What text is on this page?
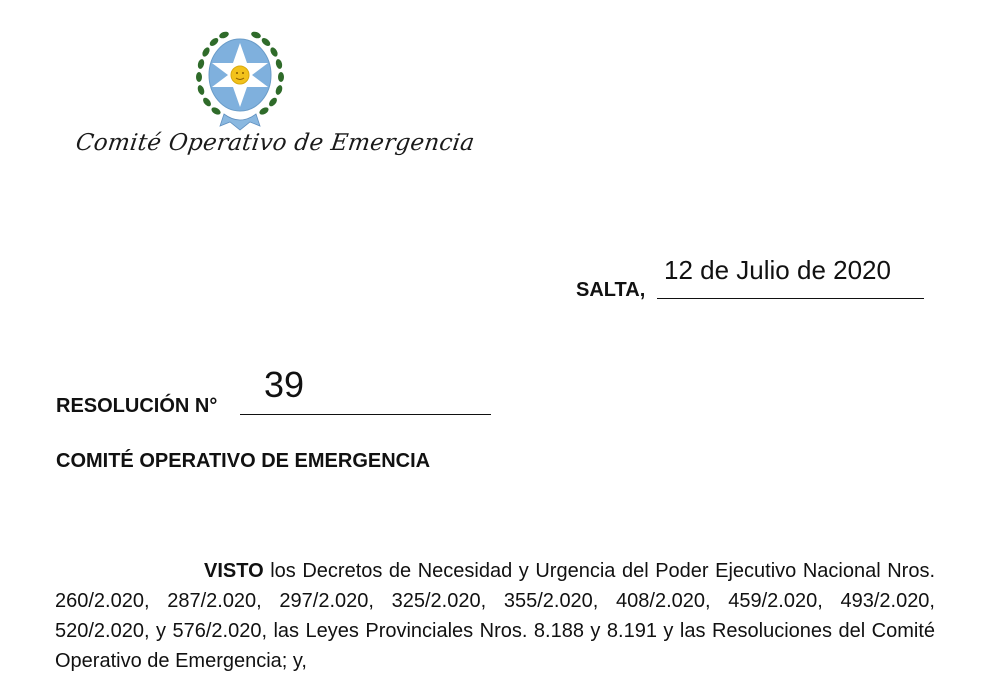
Comité Operativo de Emergencia
SALTA,
12 de Julio de 2020
RESOLUCIÓN N°
39
COMITÉ OPERATIVO DE EMERGENCIA

VISTO los Decretos de Necesidad y Urgencia del Poder Ejecutivo Nacional Nros. 260/2.020, 287/2.020, 297/2.020, 325/2.020, 355/2.020, 408/2.020, 459/2.020, 493/2.020, 520/2.020, y 576/2.020, las Leyes Provinciales Nros. 8.188 y 8.191 y las Resoluciones del Comité Operativo de Emergencia; y,
